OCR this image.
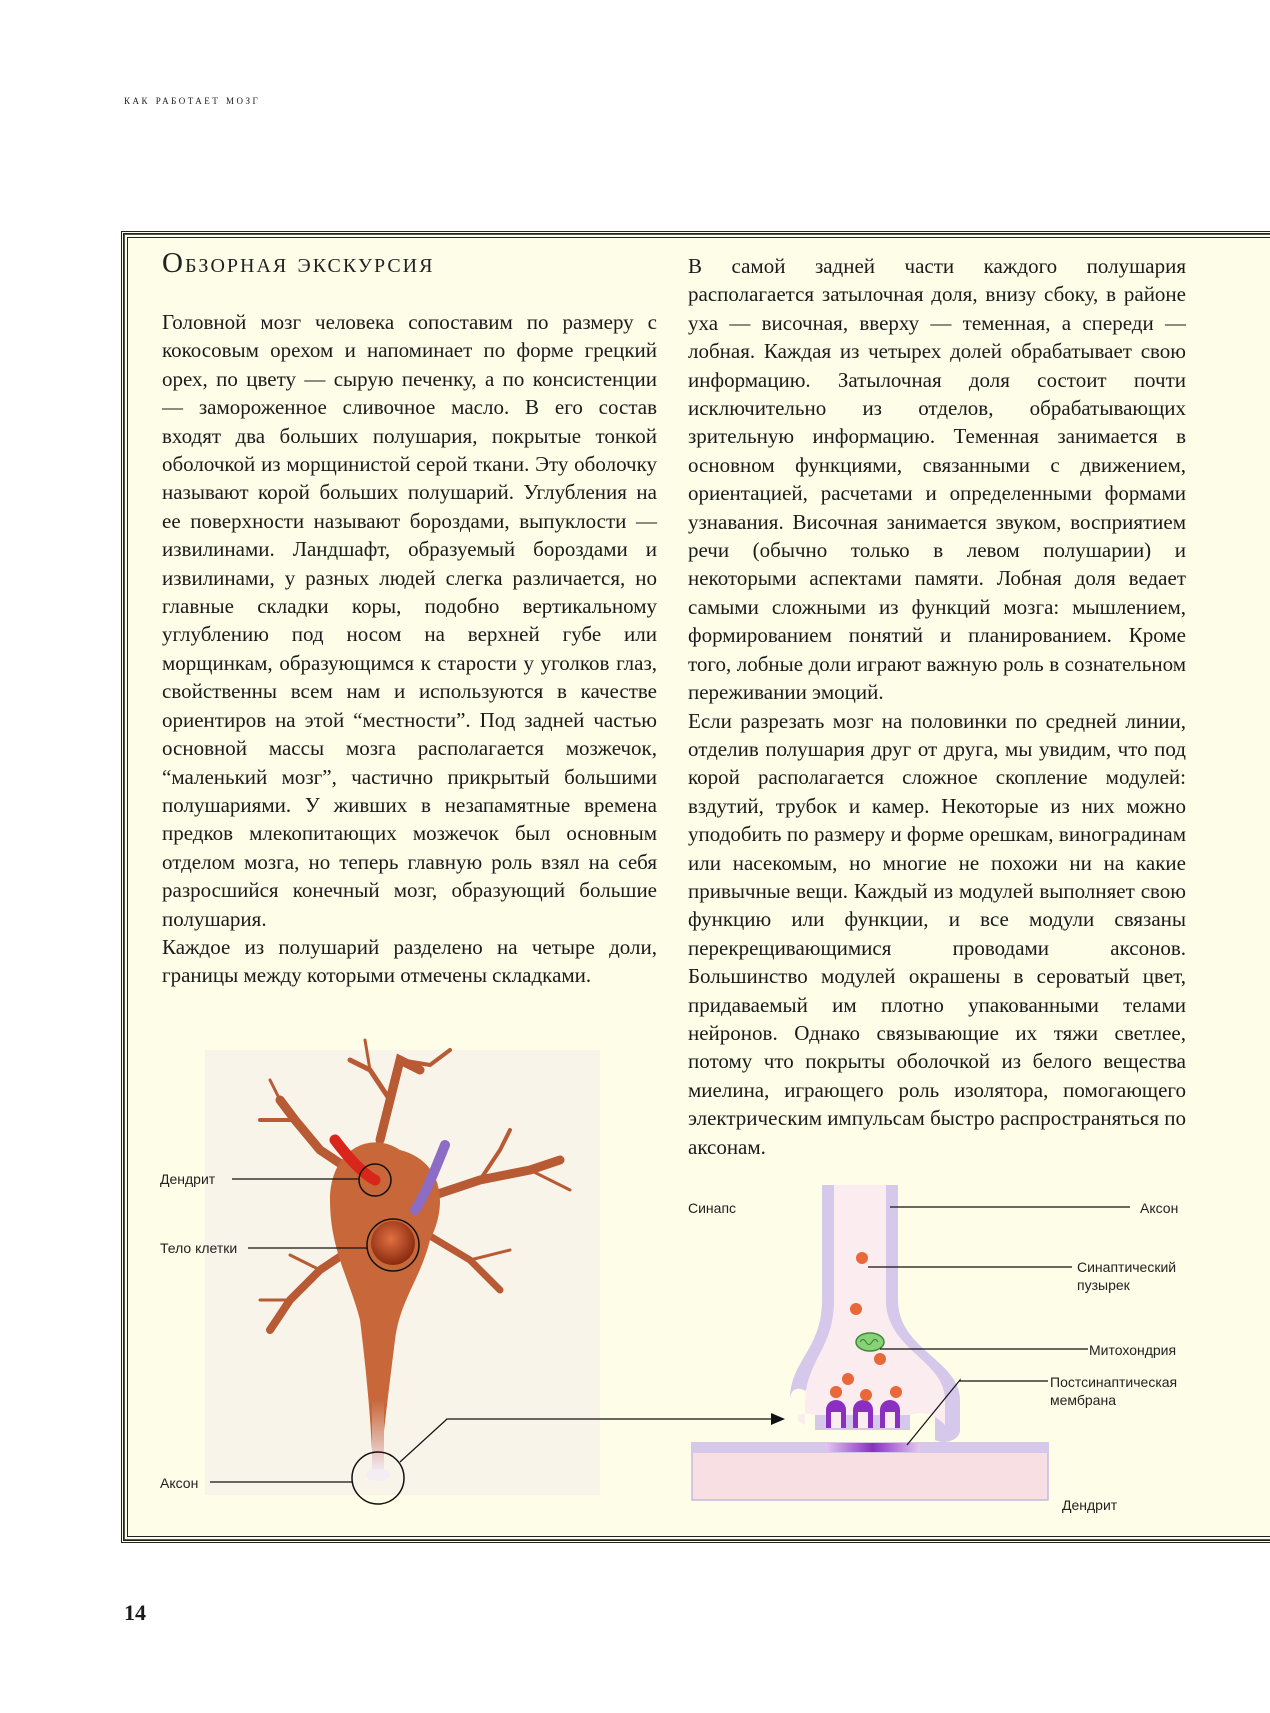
как работает мозг
Обзорная экскурсия

Головной мозг человека сопоставим по размеру с кокосовым орехом и напоминает по форме грецкий орех, по цвету — сырую печенку, а по консистенции — замороженное сливочное масло. В его состав входят два больших полушария, покрытые тонкой оболочкой из морщинистой серой ткани. Эту оболочку называют корой больших полушарий. Углубления на ее поверхности называют бороздами, выпуклости — извилинами. Ландшафт, образуемый бороздами и извилинами, у разных людей слегка различается, но главные складки коры, подобно вертикальному углублению под носом на верхней губе или морщинкам, образующимся к старости у уголков глаз, свойственны всем нам и используются в качестве ориентиров на этой “местности”. Под задней частью основной массы мозга располагается мозжечок, “маленький мозг”, частично прикрытый большими полушариями. У живших в незапамятные времена предков млекопитающих мозжечок был основным отделом мозга, но теперь главную роль взял на себя разросшийся конечный мозг, образующий большие полушария.

Каждое из полушарий разделено на четыре доли, границы между которыми отмечены складками.

В самой задней части каждого полушария располагается затылочная доля, внизу сбоку, в районе уха — височная, вверху — теменная, а спереди — лобная. Каждая из четырех долей обрабатывает свою информацию. Затылочная доля состоит почти исключительно из отделов, обрабатывающих зрительную информацию. Теменная занимается в основном функциями, связанными с движением, ориентацией, расчетами и определенными формами узнавания. Височная занимается звуком, восприятием речи (обычно только в левом полушарии) и некоторыми аспектами памяти. Лобная доля ведает самыми сложными из функций мозга: мышлением, формированием понятий и планированием. Кроме того, лобные доли играют важную роль в сознательном переживании эмоций.

Если разрезать мозг на половинки по средней линии, отделив полушария друг от друга, мы увидим, что под корой располагается сложное скопление модулей: вздутий, трубок и камер. Некоторые из них можно уподобить по размеру и форме орешкам, виноградинам или насекомым, но многие не похожи ни на какие привычные вещи. Каждый из модулей выполняет свою функцию или функции, и все модули связаны перекрещивающимися проводами аксонов. Большинство модулей окрашены в сероватый цвет, придаваемый им плотно упакованными телами нейронов. Однако связывающие их тяжи светлее, потому что покрыты оболочкой из белого вещества миелина, играющего роль изолятора, помогающего электрическим импульсам быстро распространяться по аксонам.

Дендрит
Тело клетки
Аксон
Синапс	Аксон
Синаптический
пузырек
Митохондрия
Постсинаптическая
мембрана
Дендрит
14
